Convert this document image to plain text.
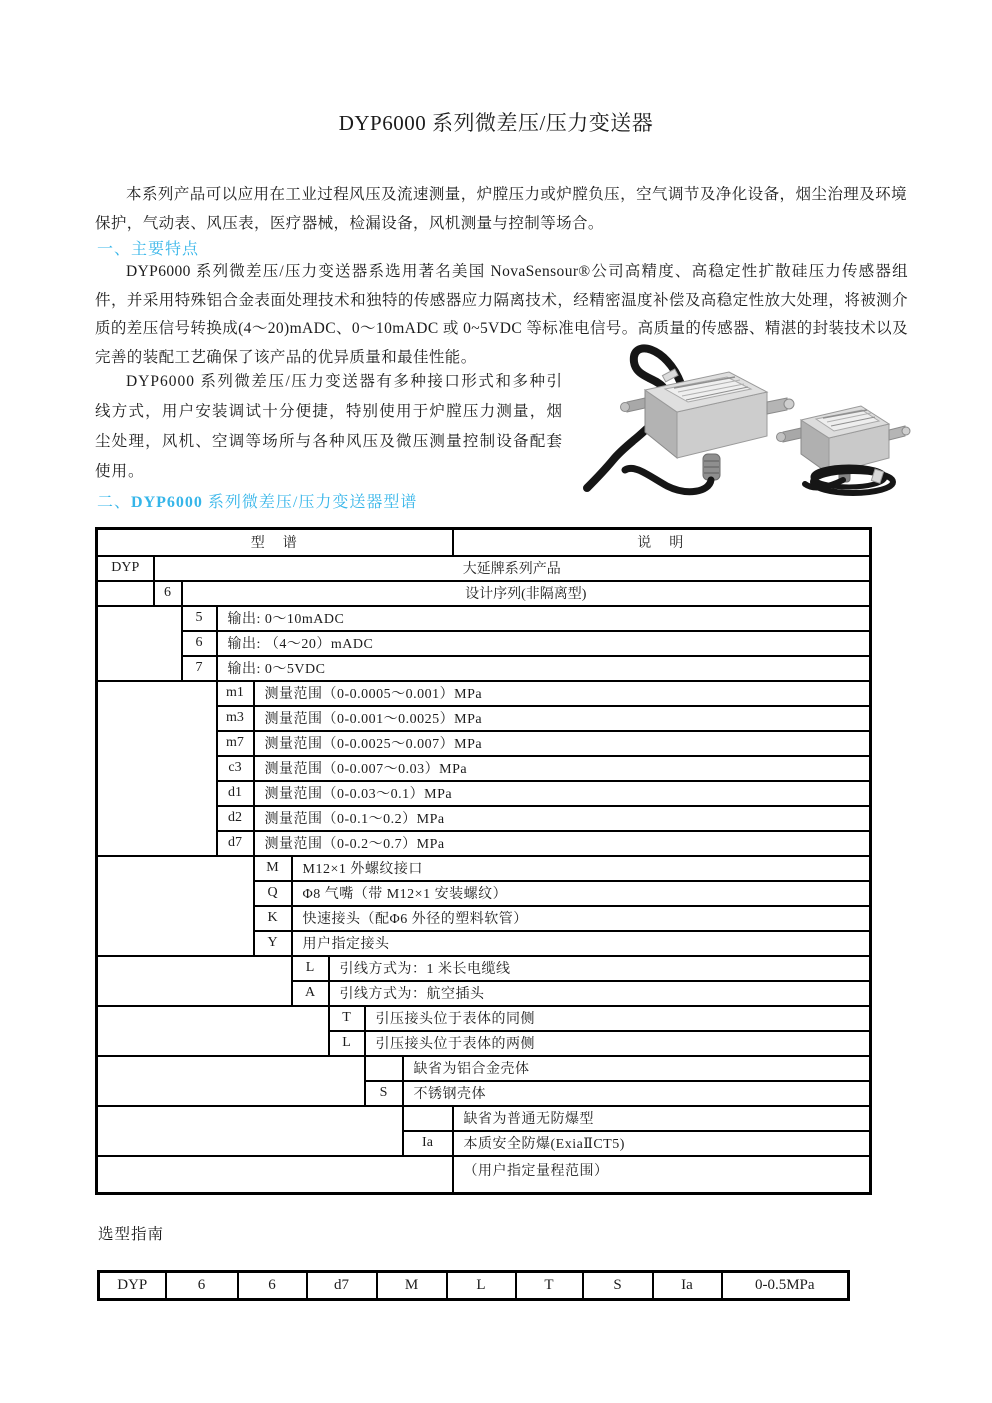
DYP6000 系列微差压/压力变送器

本系列产品可以应用在工业过程风压及流速测量，炉膛压力或炉膛负压，空气调节及净化设备，烟尘治理及环境保护，气动表、风压表，医疗器械，检漏设备，风机测量与控制等场合。

一、主要特点

DYP6000 系列微差压/压力变送器系选用著名美国 NovaSensour®公司高精度、高稳定性扩散硅压力传感器组件，并采用特殊铝合金表面处理技术和独特的传感器应力隔离技术，经精密温度补偿及高稳定性放大处理，将被测介质的差压信号转换成(4～20)mADC、0～10mADC 或 0~5VDC 等标准电信号。高质量的传感器、精湛的封装技术以及完善的装配工艺确保了该产品的优异质量和最佳性能。

DYP6000 系列微差压/压力变送器有多种接口形式和多种引线方式，用户安装调试十分便捷，特别使用于炉膛压力测量，烟尘处理，风机、空调等场所与各种风压及微压测量控制设备配套使用。

二、DYP6000 系列微差压/压力变送器型谱
型　谱									说　明
DYP	大延牌系列产品								
	6	设计序列(非隔离型)							
		5	输出: 0～10mADC						
		6	输出: （4～20）mADC						
		7	输出: 0～5VDC						
			m1	测量范围（0-0.0005～0.001）MPa					
			m3	测量范围（0-0.001～0.0025）MPa					
			m7	测量范围（0-0.0025～0.007）MPa					
			c3	测量范围（0-0.007～0.03）MPa					
			d1	测量范围（0-0.03～0.1）MPa					
			d2	测量范围（0-0.1～0.2）MPa					
			d7	测量范围（0-0.2～0.7）MPa					
				M	M12×1 外螺纹接口				
				Q	Φ8 气嘴（带 M12×1 安装螺纹）				
				K	快速接头（配Φ6 外径的塑料软管）				
				Y	用户指定接头				
					L	引线方式为：1 米长电缆线			
					A	引线方式为：航空插头			
						T	引压接头位于表体的同侧		
						L	引压接头位于表体的两侧		
								缺省为铝合金壳体	
							S	不锈钢壳体	
									缺省为普通无防爆型
								Ia	本质安全防爆(ExiaⅡCT5)
									（用户指定量程范围）

选型指南

DYP	6	6	d7	M	L	T	S	Ia	0-0.5MPa
